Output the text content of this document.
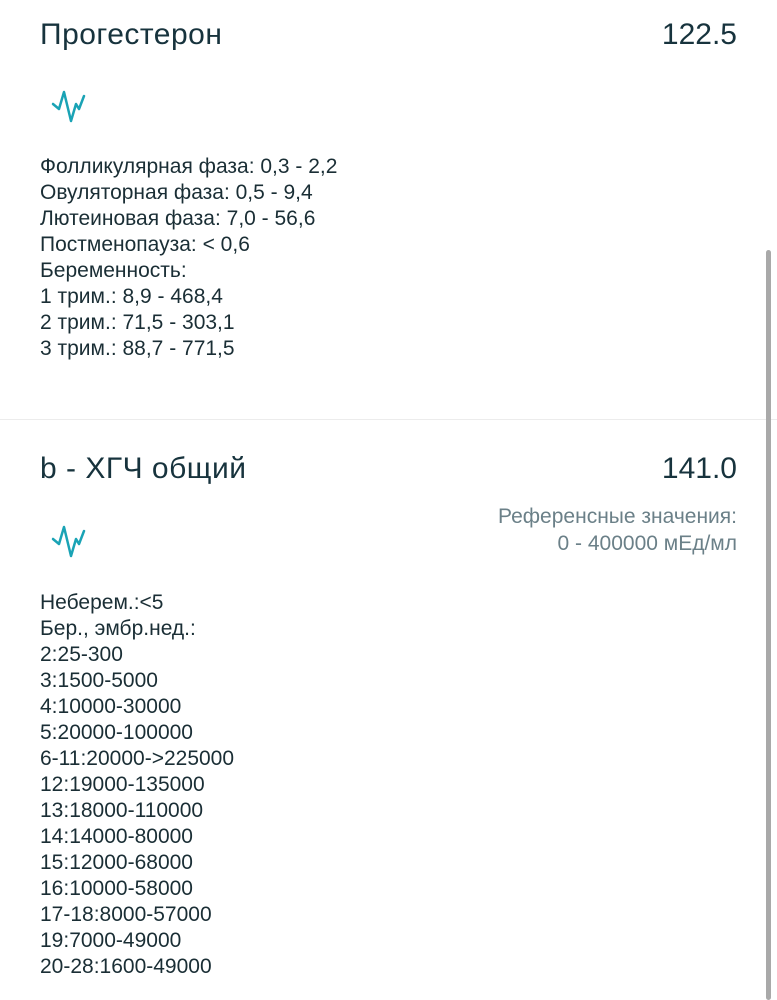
Прогестерон	122.5
Фолликулярная фаза: 0,3 - 2,2
Овуляторная фаза: 0,5 - 9,4
Лютеиновая фаза: 7,0 - 56,6
Постменопауза: < 0,6
Беременность:
1 трим.: 8,9 - 468,4
2 трим.: 71,5 - 303,1
3 трим.: 88,7 - 771,5
b - ХГЧ общий	141.0
Референсные значения:
0 - 400000 мЕд/мл
Неберем.:<5
Бер., эмбр.нед.:
2:25-300
3:1500-5000
4:10000-30000
5:20000-100000
6-11:20000->225000
12:19000-135000
13:18000-110000
14:14000-80000
15:12000-68000
16:10000-58000
17-18:8000-57000
19:7000-49000
20-28:1600-49000
